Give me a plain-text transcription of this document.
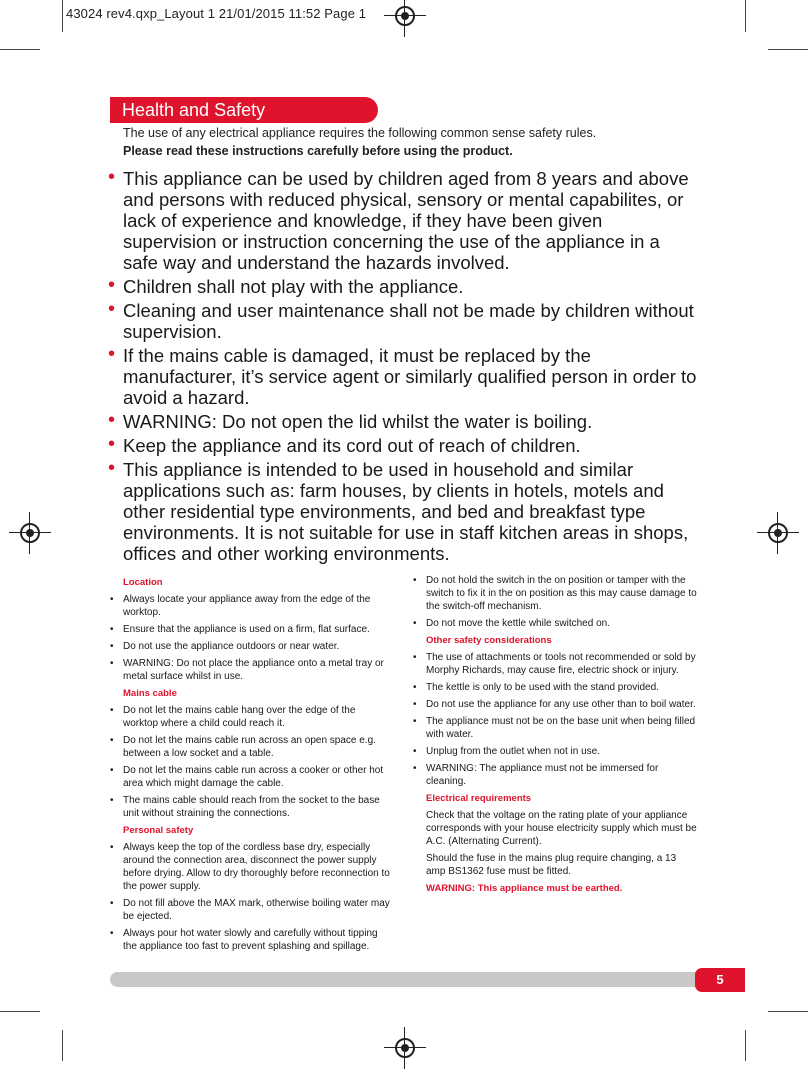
43024 rev4.qxp_Layout 1 21/01/2015 11:52 Page 1
Health and Safety
The use of any electrical appliance requires the following common sense safety rules.
Please read these instructions carefully before using the product.
• This appliance can be used by children aged from 8 years and above and persons with reduced physical, sensory or mental capabilites, or lack of experience and knowledge, if they have been given supervision or instruction concerning the use of the appliance in a safe way and understand the hazards involved.
• Children shall not play with the appliance.
• Cleaning and user maintenance shall not be made by children without supervision.
• If the mains cable is damaged, it must be replaced by the manufacturer, it’s service agent or similarly qualified person in order to avoid a hazard.
• WARNING: Do not open the lid whilst the water is boiling.
• Keep the appliance and its cord out of reach of children.
• This appliance is intended to be used in household and similar applications such as: farm houses, by clients in hotels, motels and other residential type environments, and bed and breakfast type environments. It is not suitable for use in staff kitchen areas in shops, offices and other working environments.
Location
• Always locate your appliance away from the edge of the worktop.
• Ensure that the appliance is used on a firm, flat surface.
• Do not use the appliance outdoors or near water.
• WARNING: Do not place the appliance onto a metal tray or metal surface whilst in use.
Mains cable
• Do not let the mains cable hang over the edge of the worktop where a child could reach it.
• Do not let the mains cable run across an open space e.g. between a low socket and a table.
• Do not let the mains cable run across a cooker or other hot area which might damage the cable.
• The mains cable should reach from the socket to the base unit without straining the connections.
Personal safety
• Always keep the top of the cordless base dry, especially around the connection area, disconnect the power supply before drying. Allow to dry thoroughly before reconnection to the power supply.
• Do not fill above the MAX mark, otherwise boiling water may be ejected.
• Always pour hot water slowly and carefully without tipping the appliance too fast to prevent splashing and spillage.
• Do not hold the switch in the on position or tamper with the switch to fix it in the on position as this may cause damage to the switch-off mechanism.
• Do not move the kettle while switched on.
Other safety considerations
• The use of attachments or tools not recommended or sold by Morphy Richards, may cause fire, electric shock or injury.
• The kettle is only to be used with the stand provided.
• Do not use the appliance for any use other than to boil water.
• The appliance must not be on the base unit when being filled with water.
• Unplug from the outlet when not in use.
• WARNING: The appliance must not be immersed for cleaning.
Electrical requirements
Check that the voltage on the rating plate of your appliance corresponds with your house electricity supply which must be A.C. (Alternating Current).
Should the fuse in the mains plug require changing, a 13 amp BS1362 fuse must be fitted.
WARNING: This appliance must be earthed.
5
